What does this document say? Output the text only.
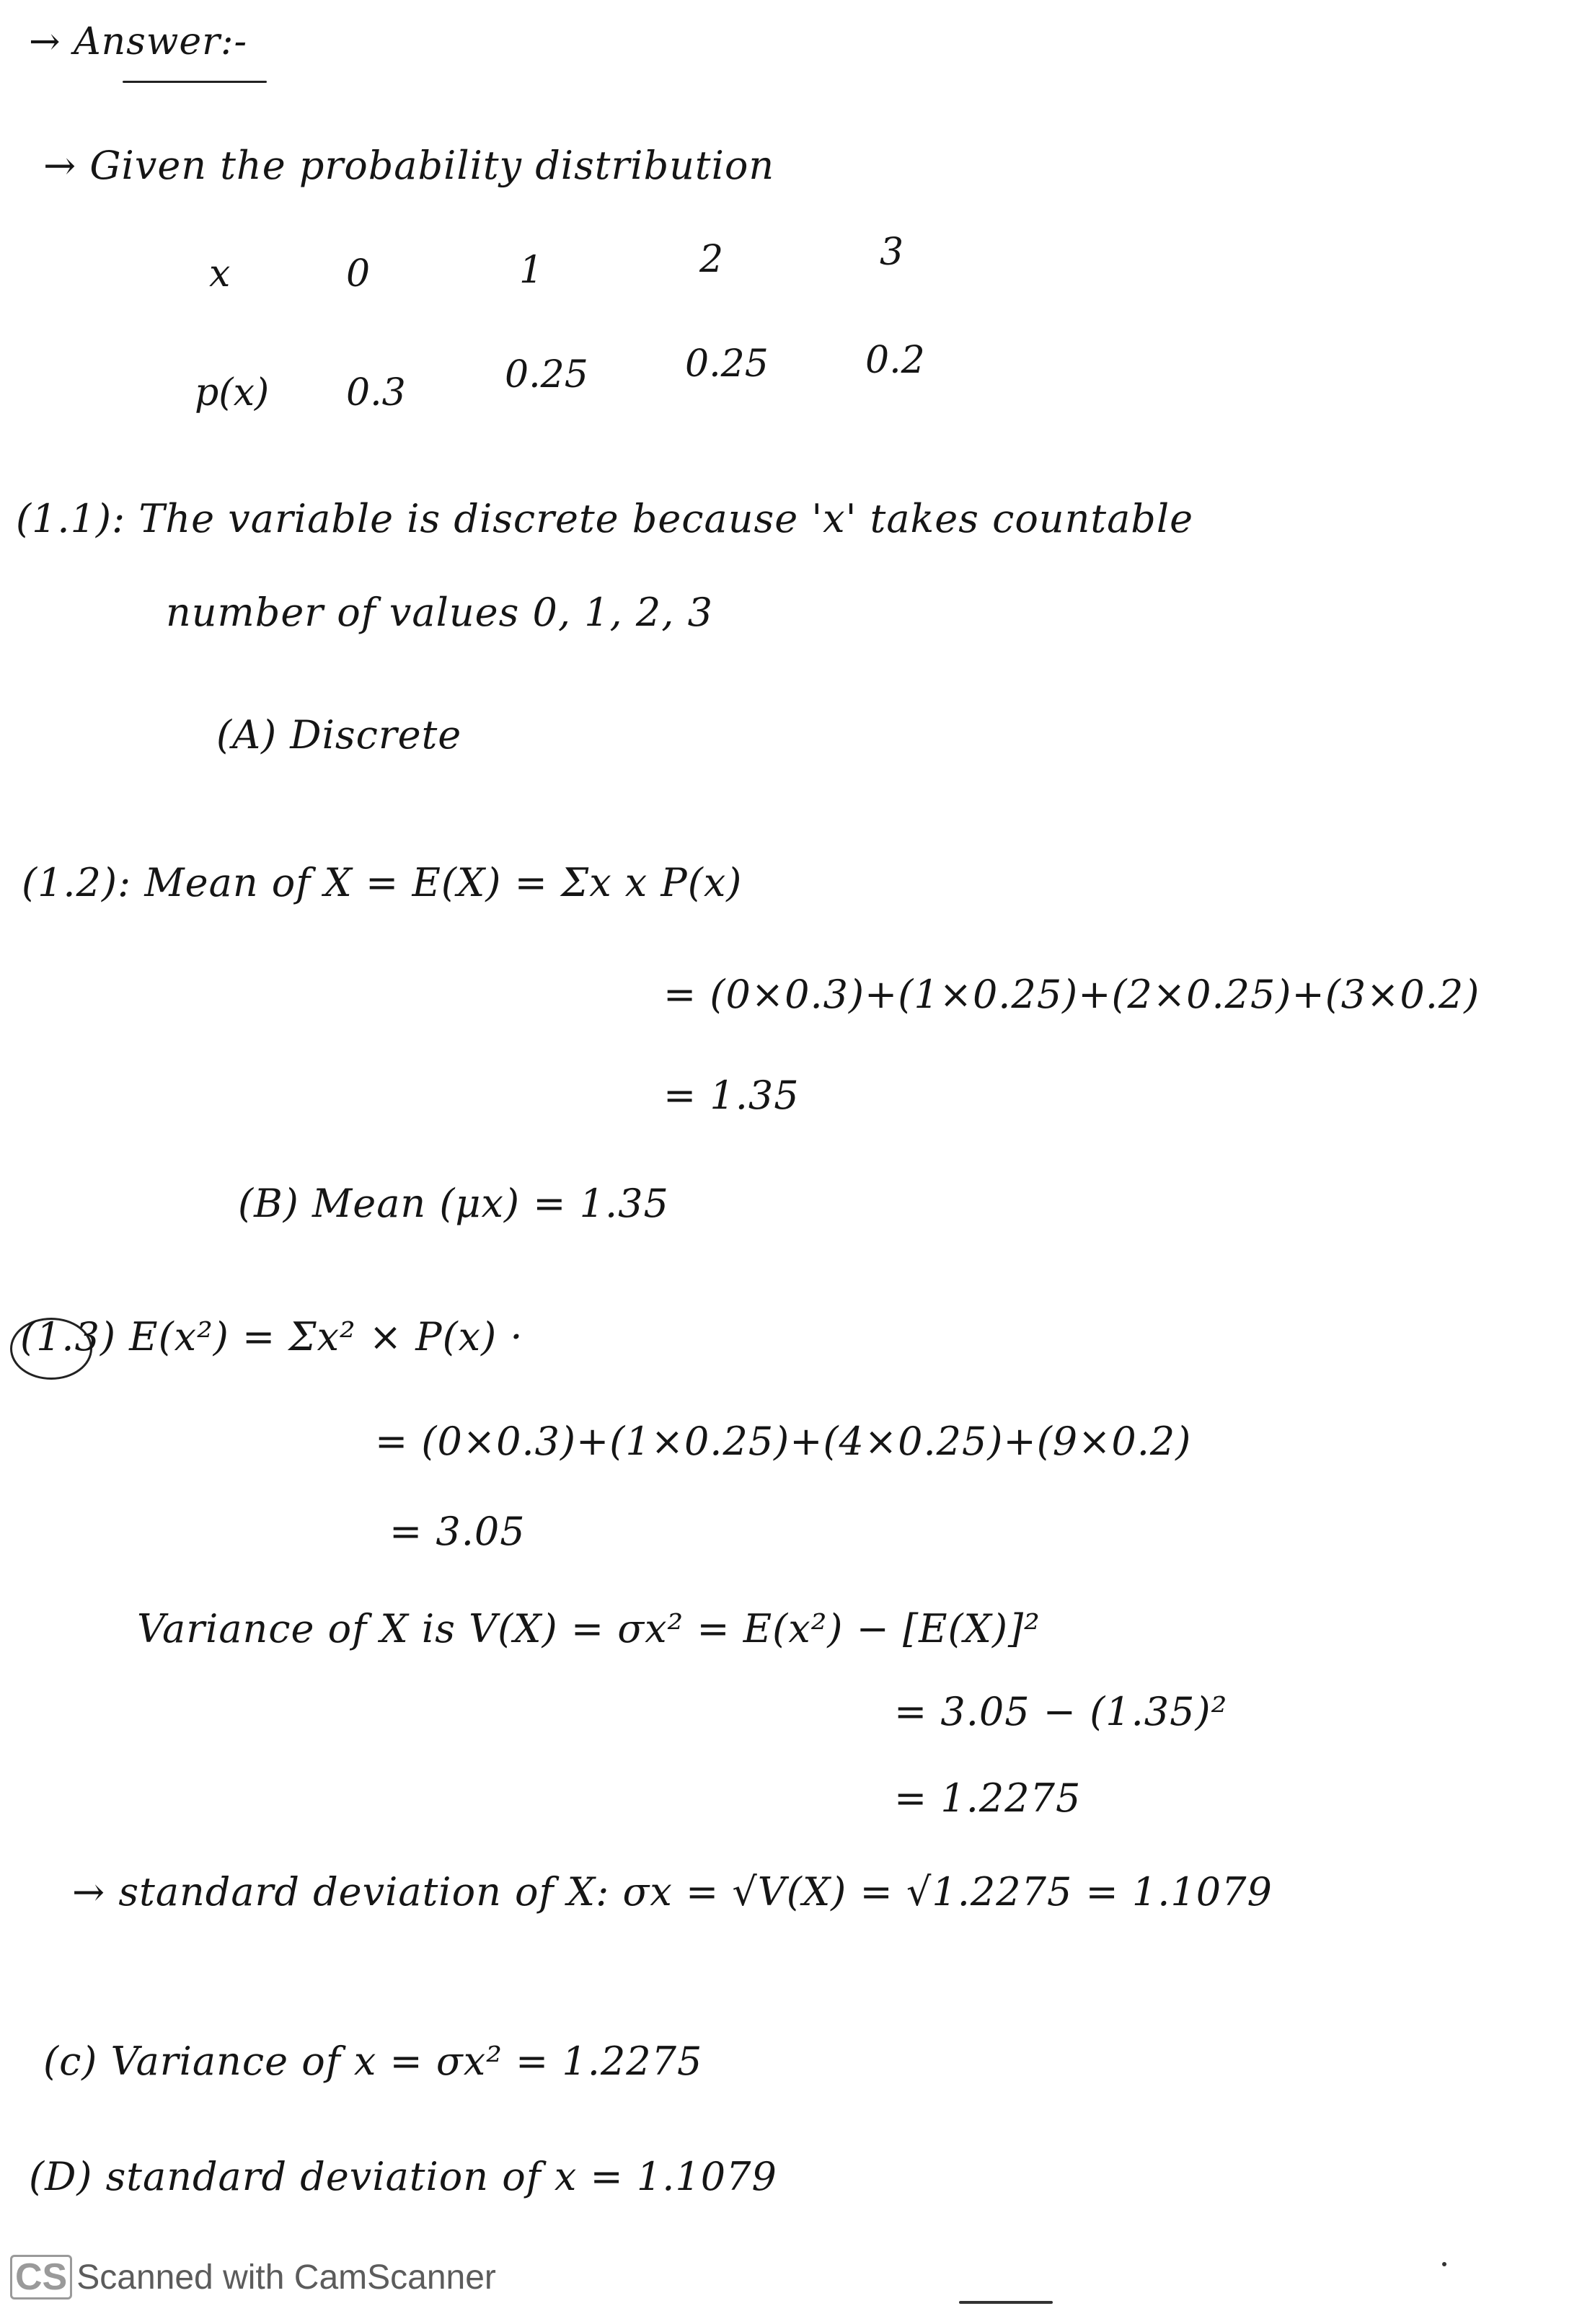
→ Answer:-
→ Given the probability distribution
x	0	1	2	3
p(x) 0.3	0.25	0.25	0.2
(1.1): The variable is discrete because 'x' takes countable
number of values 0, 1, 2, 3
(A) Discrete
(1.2): Mean of X = E(X) = Σx x P(x)
= (0×0.3)+(1×0.25)+(2×0.25)+(3×0.2)
= 1.35
(B) Mean (μx) = 1.35
(1.3) E(x²) = Σx² × P(x) ·
= (0×0.3)+(1×0.25)+(4×0.25)+(9×0.2)
= 3.05
Variance of X is V(X) = σx² = E(x²) − [E(X)]²
= 3.05 − (1.35)²
= 1.2275
→ standard deviation of X: σx = √V(X) = √1.2275 = 1.1079
(c) Variance of x = σx² = 1.2275
(D) standard deviation of x = 1.1079
CS Scanned with CamScanner
